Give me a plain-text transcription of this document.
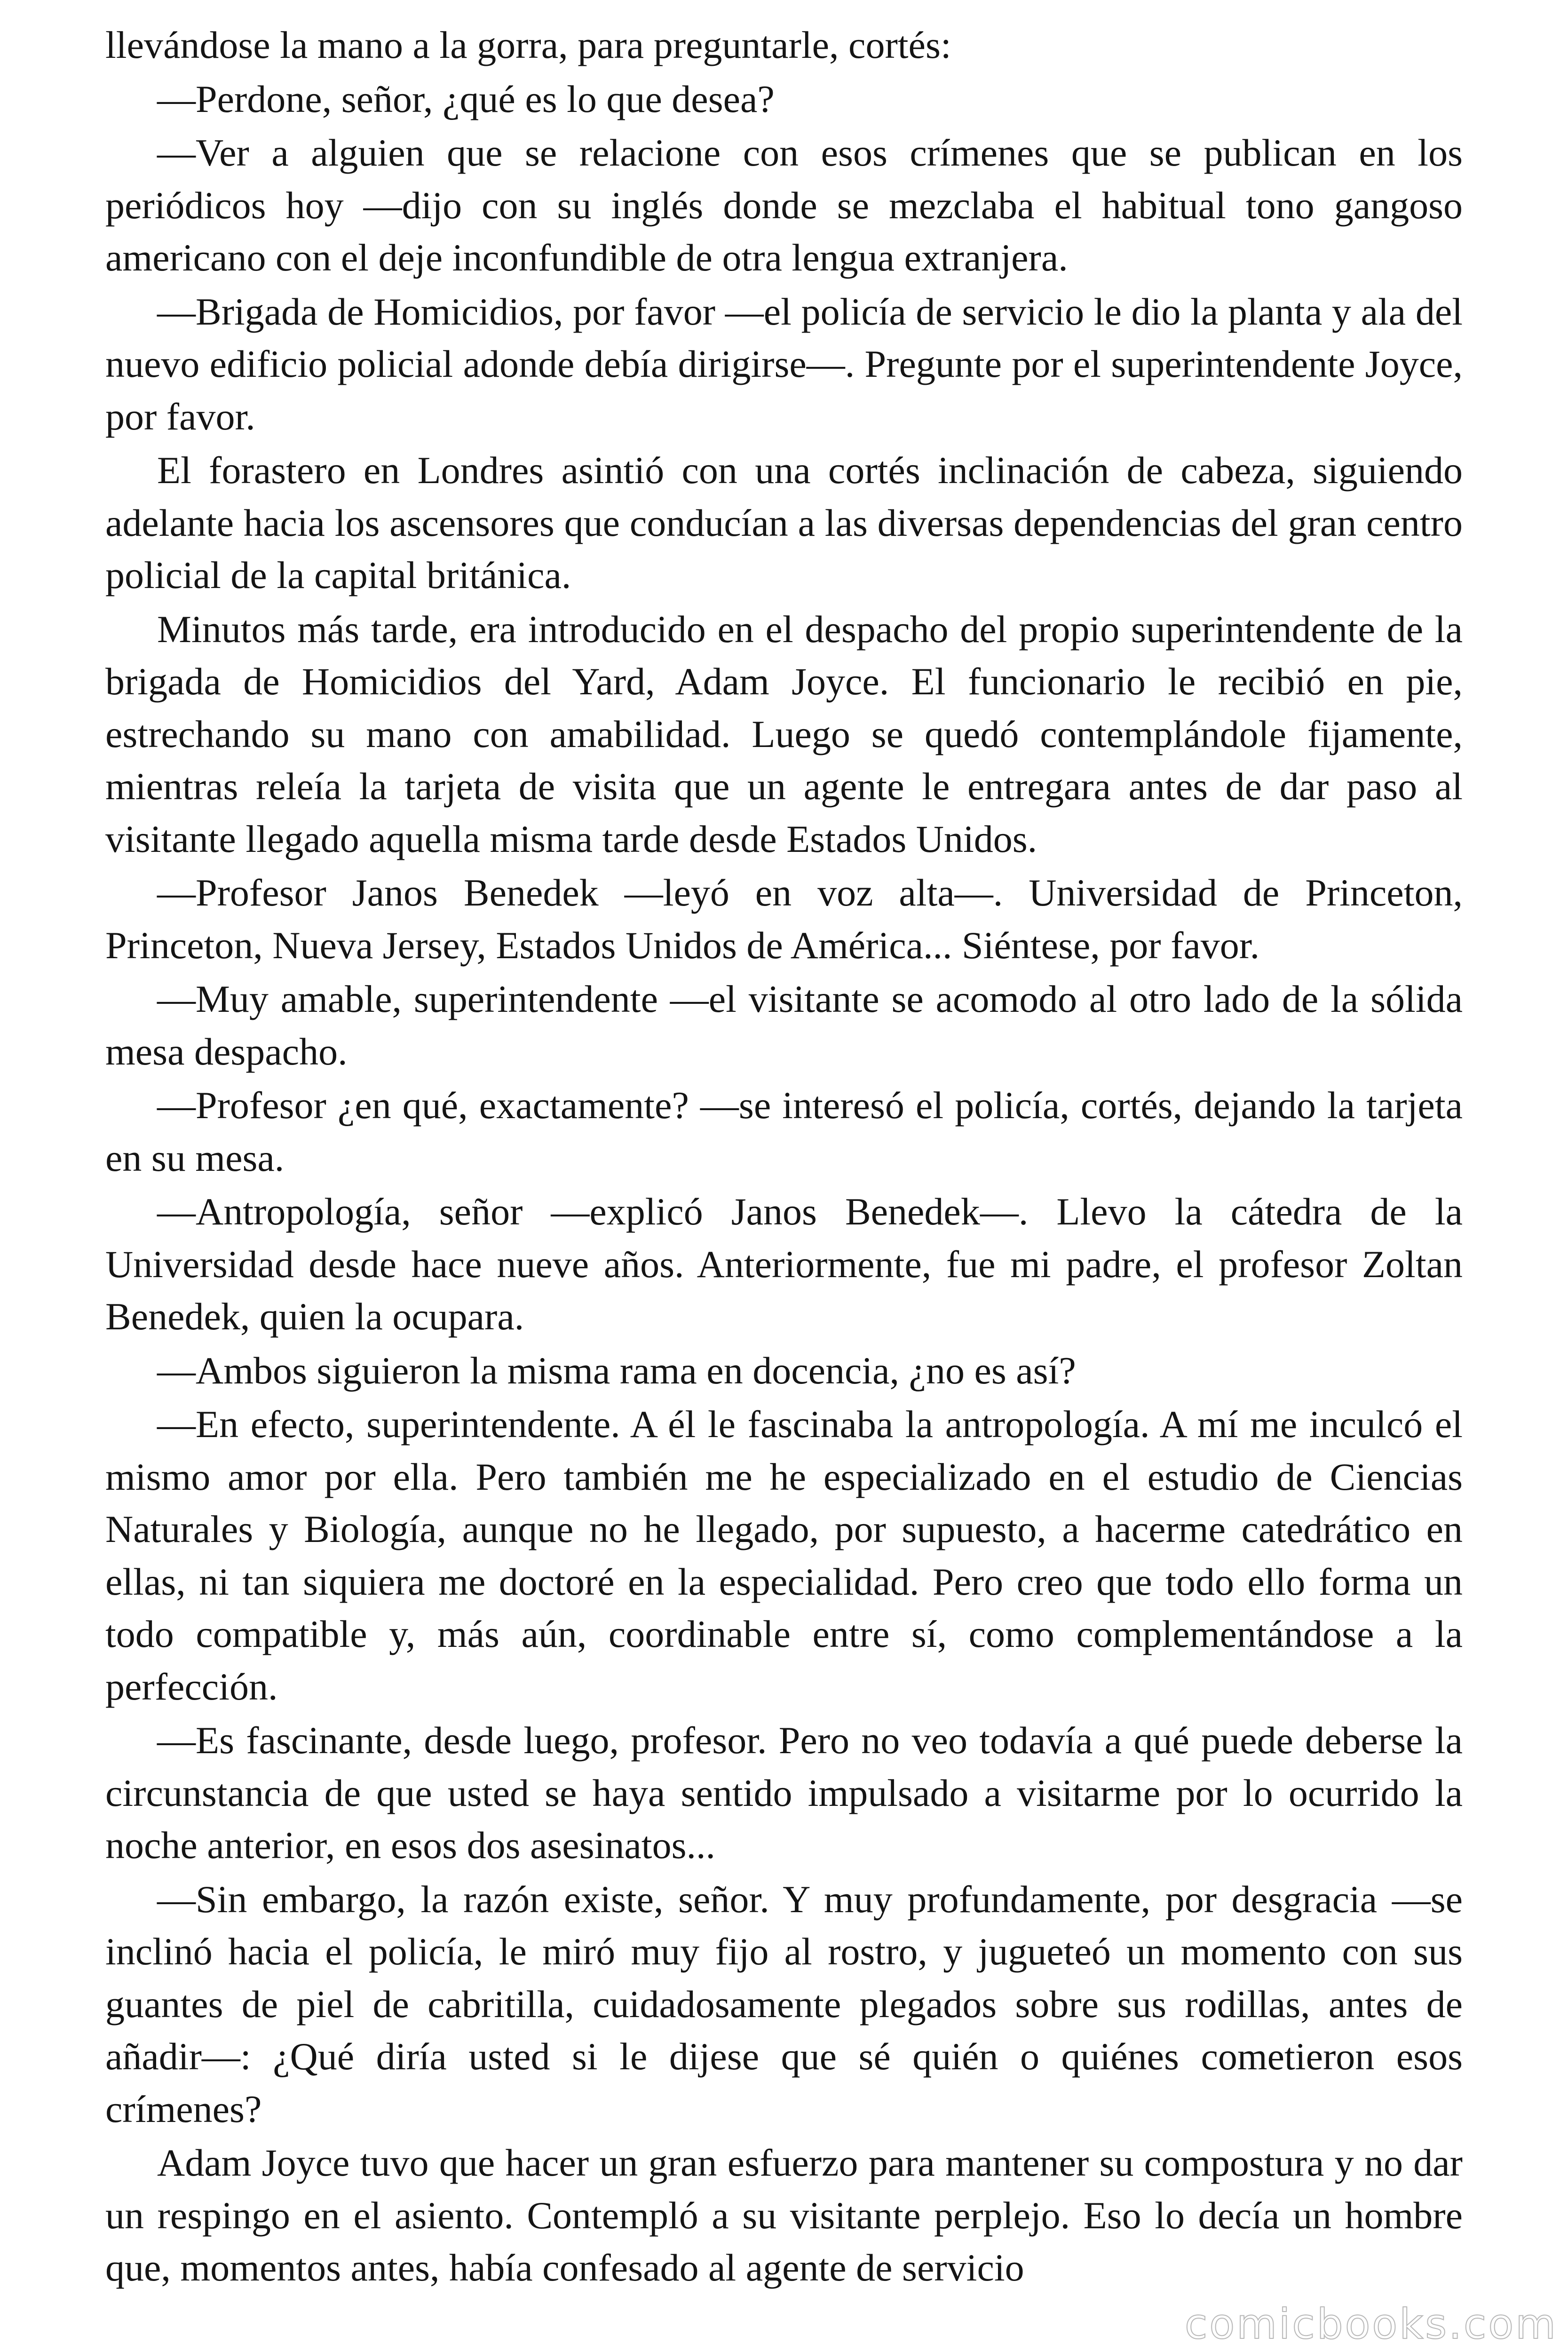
llevándose la mano a la gorra, para preguntarle, cortés:

—Perdone, señor, ¿qué es lo que desea?

—Ver a alguien que se relacione con esos crímenes que se publican en los periódicos hoy —dijo con su inglés donde se mezclaba el habitual tono gangoso americano con el deje inconfundible de otra lengua extranjera.

—Brigada de Homicidios, por favor —el policía de servicio le dio la planta y ala del nuevo edificio policial adonde debía dirigirse—. Pregunte por el superintendente Joyce, por favor.

El forastero en Londres asintió con una cortés inclinación de cabeza, siguiendo adelante hacia los ascensores que conducían a las diversas dependencias del gran centro policial de la capital británica.

Minutos más tarde, era introducido en el despacho del propio superintendente de la brigada de Homicidios del Yard, Adam Joyce. El funcionario le recibió en pie, estrechando su mano con amabilidad. Luego se quedó contemplándole fijamente, mientras releía la tarjeta de visita que un agente le entregara antes de dar paso al visitante llegado aquella misma tarde desde Estados Unidos.

—Profesor Janos Benedek —leyó en voz alta—. Universidad de Princeton, Princeton, Nueva Jersey, Estados Unidos de América... Siéntese, por favor.

—Muy amable, superintendente —el visitante se acomodo al otro lado de la sólida mesa despacho.

—Profesor ¿en qué, exactamente? —se interesó el policía, cortés, dejando la tarjeta en su mesa.

—Antropología, señor —explicó Janos Benedek—. Llevo la cátedra de la Universidad desde hace nueve años. Anteriormente, fue mi padre, el profesor Zoltan Benedek, quien la ocupara.

—Ambos siguieron la misma rama en docencia, ¿no es así?

—En efecto, superintendente. A él le fascinaba la antropología. A mí me inculcó el mismo amor por ella. Pero también me he especializado en el estudio de Ciencias Naturales y Biología, aunque no he llegado, por supuesto, a hacerme catedrático en ellas, ni tan siquiera me doctoré en la especialidad. Pero creo que todo ello forma un todo compatible y, más aún, coordinable entre sí, como complementándose a la perfección.

—Es fascinante, desde luego, profesor. Pero no veo todavía a qué puede deberse la circunstancia de que usted se haya sentido impulsado a visitarme por lo ocurrido la noche anterior, en esos dos asesinatos...

—Sin embargo, la razón existe, señor. Y muy profundamente, por desgracia —se inclinó hacia el policía, le miró muy fijo al rostro, y jugueteó un momento con sus guantes de piel de cabritilla, cuidadosamente plegados sobre sus rodillas, antes de añadir—: ¿Qué diría usted si le dijese que sé quién o quiénes cometieron esos crímenes?

Adam Joyce tuvo que hacer un gran esfuerzo para mantener su compostura y no dar un respingo en el asiento. Contempló a su visitante perplejo. Eso lo decía un hombre que, momentos antes, había confesado al agente de servicio

comicbooks.com
